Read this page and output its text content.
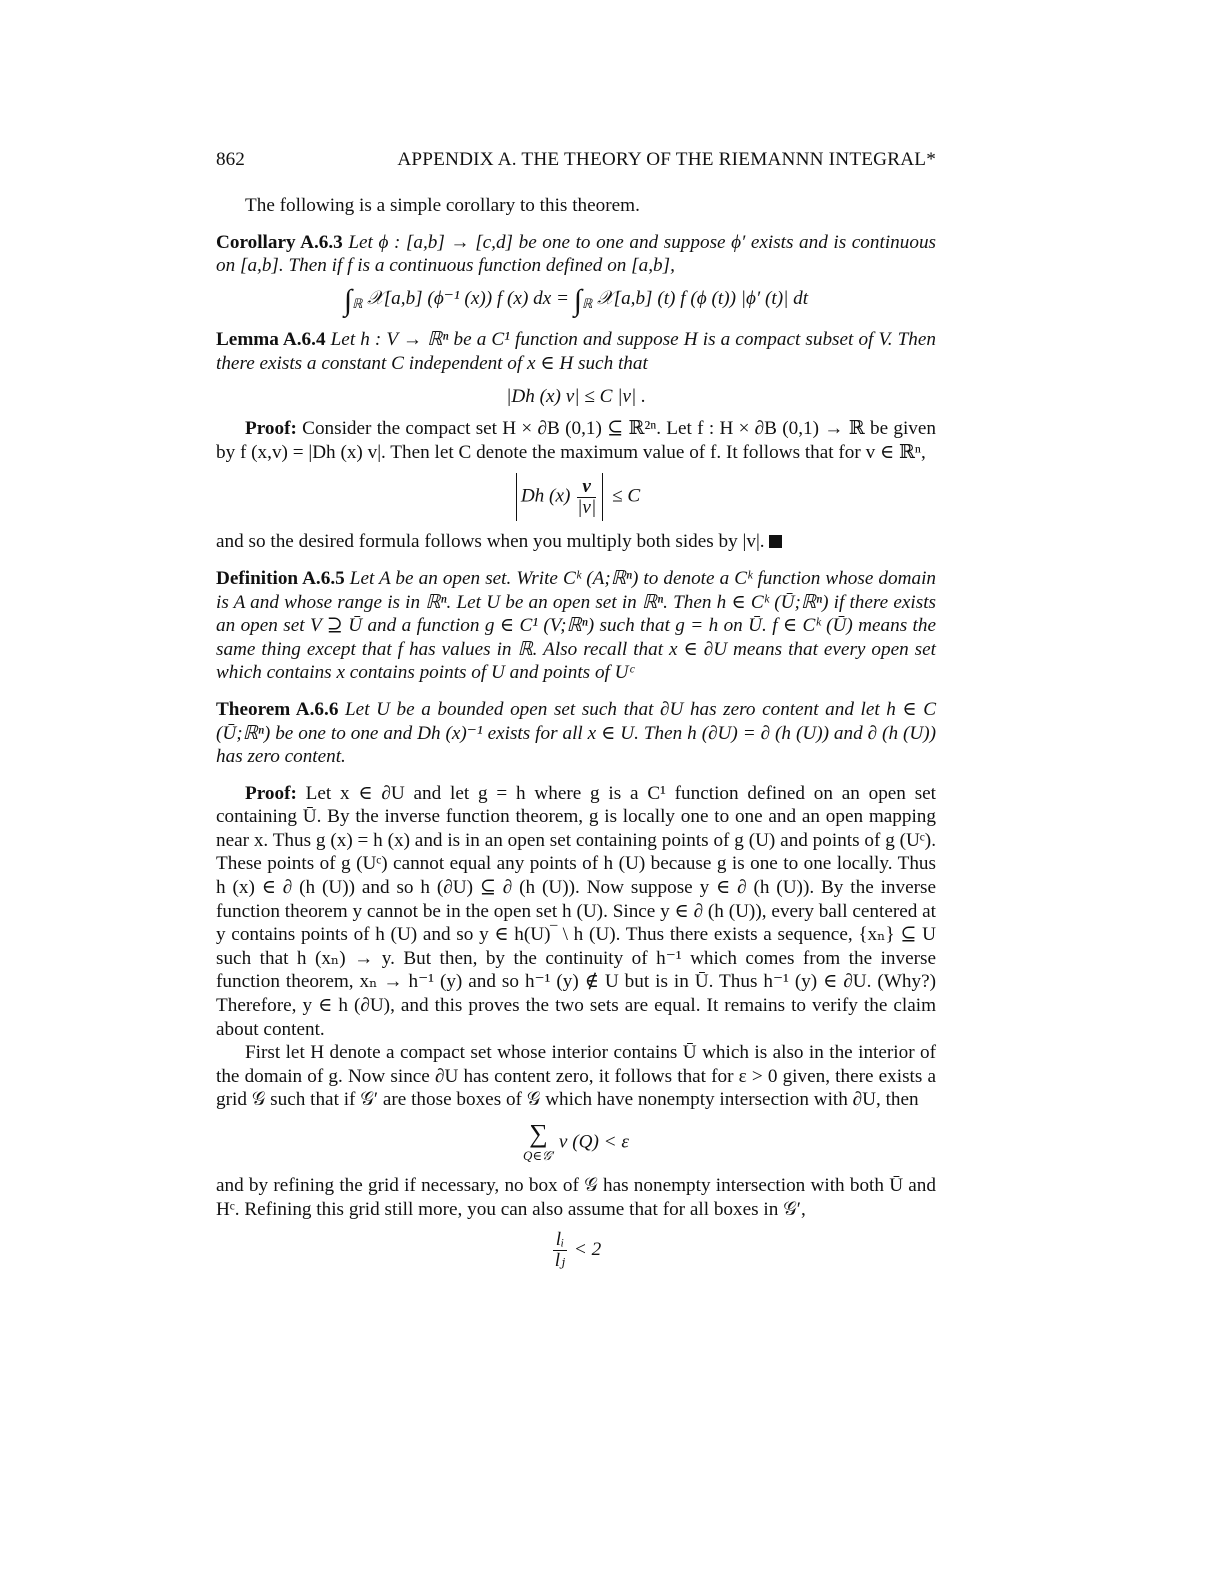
862	APPENDIX A. THE THEORY OF THE RIEMANNN INTEGRAL*

The following is a simple corollary to this theorem.

Corollary A.6.3 Let ϕ : [a,b] → [c,d] be one to one and suppose ϕ′ exists and is continuous on [a,b]. Then if f is a continuous function defined on [a,b],

$\int_ℝ$ 𝒳[a,b] (ϕ⁻¹ (x)) f (x) dx = $\int_ℝ$ 𝒳[a,b] (t) f (ϕ (t)) |ϕ′ (t)| dt

Lemma A.6.4 Let h : V → ℝⁿ be a C¹ function and suppose H is a compact subset of V. Then there exists a constant C independent of x ∈ H such that

|Dh (x) v| ≤ C |v| .

Proof: Consider the compact set H × ∂B (0,1) ⊆ ℝ²ⁿ. Let f : H × ∂B (0,1) → ℝ be given by f (x,v) = |Dh (x) v|. Then let C denote the maximum value of f. It follows that for v ∈ ℝⁿ,

Dh $(x) \frac{v}{|v|} \le C$

and so the desired formula follows when you multiply both sides by |v|.

Definition A.6.5 Let A be an open set. Write Cᵏ (A;ℝⁿ) to denote a Cᵏ function whose domain is A and whose range is in ℝⁿ. Let U be an open set in ℝⁿ. Then h ∈ Cᵏ (Ū;ℝⁿ) if there exists an open set V ⊇ Ū and a function g ∈ C¹ (V;ℝⁿ) such that g = h on Ū. f ∈ Cᵏ (Ū) means the same thing except that f has values in ℝ. Also recall that x ∈ ∂U means that every open set which contains x contains points of U and points of Uᶜ

Theorem A.6.6 Let U be a bounded open set such that ∂U has zero content and let h ∈ C (Ū;ℝⁿ) be one to one and Dh (x)⁻¹ exists for all x ∈ U. Then h (∂U) = ∂ (h (U)) and ∂ (h (U)) has zero content.

Proof: Let x ∈ ∂U and let g = h where g is a C¹ function defined on an open set containing Ū. By the inverse function theorem, g is locally one to one and an open mapping near x. Thus g (x) = h (x) and is in an open set containing points of g (U) and points of g (Uᶜ). These points of g (Uᶜ) cannot equal any points of h (U) because g is one to one locally. Thus h (x) ∈ ∂ (h (U)) and so h (∂U) ⊆ ∂ (h (U)). Now suppose y ∈ ∂ (h (U)). By the inverse function theorem y cannot be in the open set h (U). Since y ∈ ∂ (h (U)), every ball centered at y contains points of h (U) and so y ∈ h(U)‾ \ h (U). Thus there exists a sequence, {xₙ} ⊆ U such that h (xₙ) → y. But then, by the continuity of h⁻¹ which comes from the inverse function theorem, xₙ → h⁻¹ (y) and so h⁻¹ (y) ∉ U but is in Ū. Thus h⁻¹ (y) ∈ ∂U. (Why?) Therefore, y ∈ h (∂U), and this proves the two sets are equal. It remains to verify the claim about content.

First let H denote a compact set whose interior contains Ū which is also in the interior of the domain of g. Now since ∂U has content zero, it follows that for ε > 0 given, there exists a grid 𝒢 such that if 𝒢′ are those boxes of 𝒢 which have nonempty intersection with ∂U, then

∑
Q∈𝒢′
v (Q) < ε

and by refining the grid if necessary, no box of 𝒢 has nonempty intersection with both Ū and Hᶜ. Refining this grid still more, you can also assume that for all boxes in 𝒢′,

$\frac{\text{lᵢ}}{\text{lⱼ}} < 2$
